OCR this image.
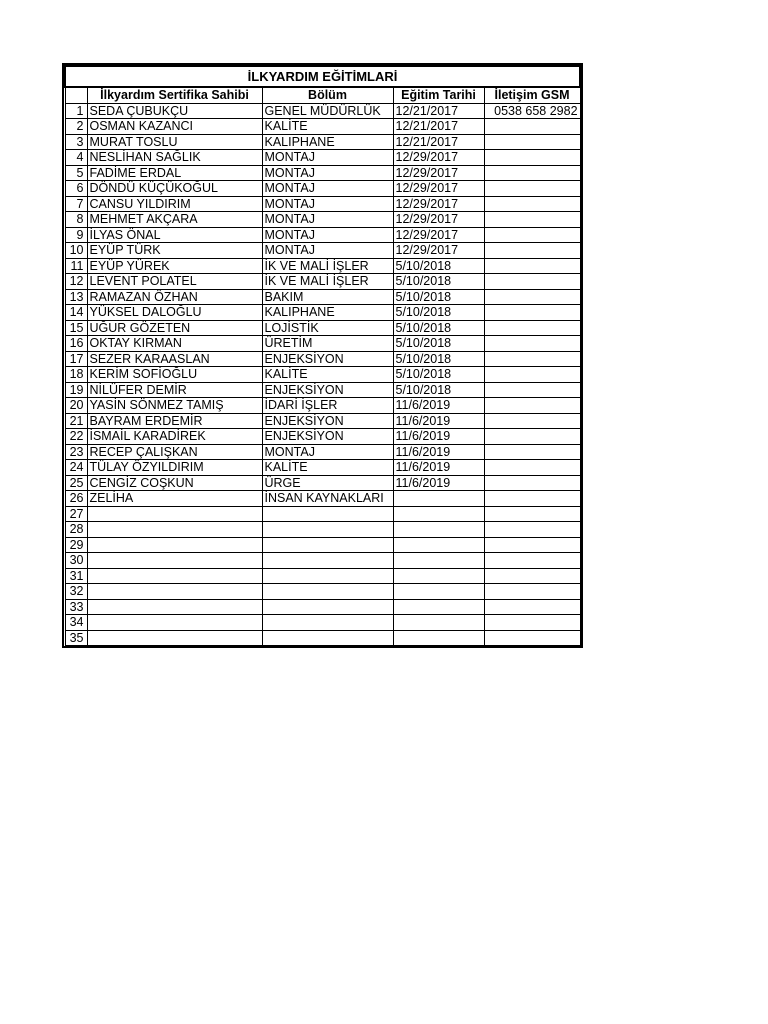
İLKYARDIM EĞİTİMLARİ				
	İlkyardım Sertifika Sahibi	Bölüm	Eğitim Tarihi	İletişim GSM
1	SEDA ÇUBUKÇU	GENEL MÜDÜRLÜK	12/21/2017	0538 658 2982
2	OSMAN KAZANCI	KALİTE	12/21/2017	
3	MURAT TOSLU	KALIPHANE	12/21/2017	
4	NESLİHAN SAĞLIK	MONTAJ	12/29/2017	
5	FADİME ERDAL	MONTAJ	12/29/2017	
6	DÖNDÜ KÜÇÜKOĞUL	MONTAJ	12/29/2017	
7	CANSU YILDIRIM	MONTAJ	12/29/2017	
8	MEHMET AKÇARA	MONTAJ	12/29/2017	
9	İLYAS ÖNAL	MONTAJ	12/29/2017	
10	EYÜP TÜRK	MONTAJ	12/29/2017	
11	EYÜP YÜREK	İK VE MALİ İŞLER	5/10/2018	
12	LEVENT POLATEL	İK VE MALİ İŞLER	5/10/2018	
13	RAMAZAN ÖZHAN	BAKIM	5/10/2018	
14	YÜKSEL DALOĞLU	KALIPHANE	5/10/2018	
15	UĞUR GÖZETEN	LOJİSTİK	5/10/2018	
16	OKTAY KIRMAN	ÜRETİM	5/10/2018	
17	SEZER KARAASLAN	ENJEKSİYON	5/10/2018	
18	KERİM SOFİOĞLU	KALİTE	5/10/2018	
19	NİLÜFER DEMİR	ENJEKSİYON	5/10/2018	
20	YASİN SÖNMEZ TAMIŞ	İDARİ İŞLER	11/6/2019	
21	BAYRAM ERDEMİR	ENJEKSİYON	11/6/2019	
22	İSMAİL KARADİREK	ENJEKSİYON	11/6/2019	
23	RECEP ÇALIŞKAN	MONTAJ	11/6/2019	
24	TÜLAY ÖZYILDIRIM	KALİTE	11/6/2019	
25	CENGİZ COŞKUN	ÜRGE	11/6/2019	
26	ZELİHA	İNSAN KAYNAKLARI		
27				
28				
29				
30				
31				
32				
33				
34				
35				
